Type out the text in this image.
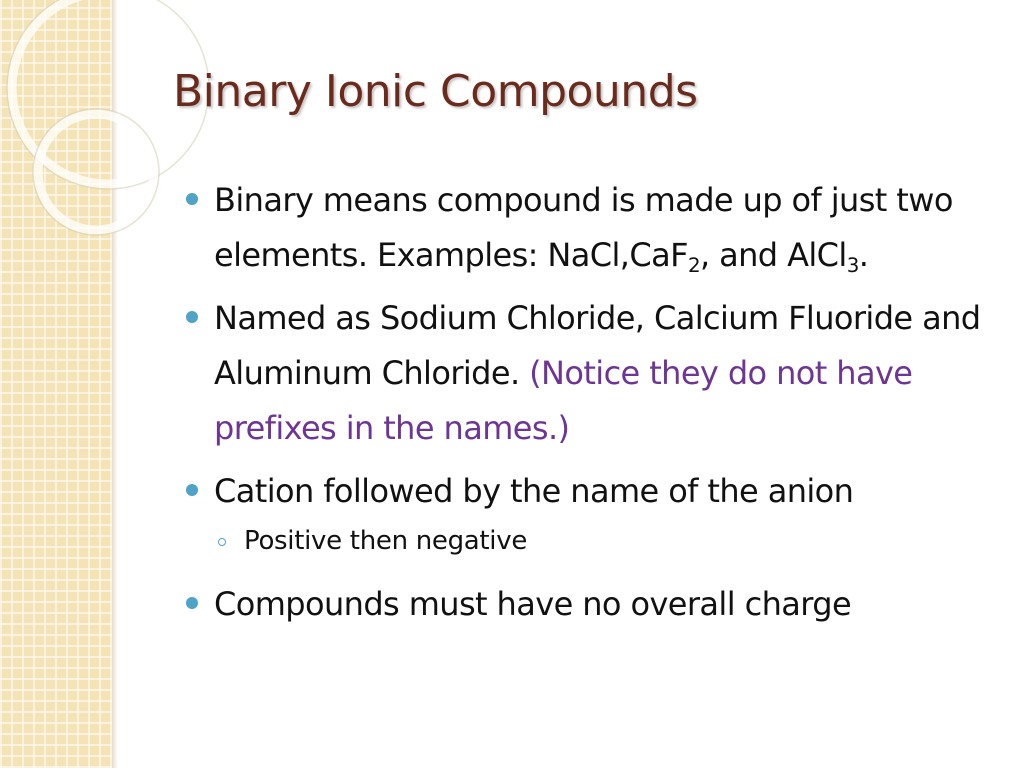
Binary Ionic Compounds
Binary means compound is made up of just two elements. Examples: NaCl,CaF$_2$, and AlCl$_3$.
Named as Sodium Chloride, Calcium Fluoride and Aluminum Chloride. (Notice they do not have prefixes in the names.)
Cation followed by the name of the anion
Positive then negative
Compounds must have no overall charge
